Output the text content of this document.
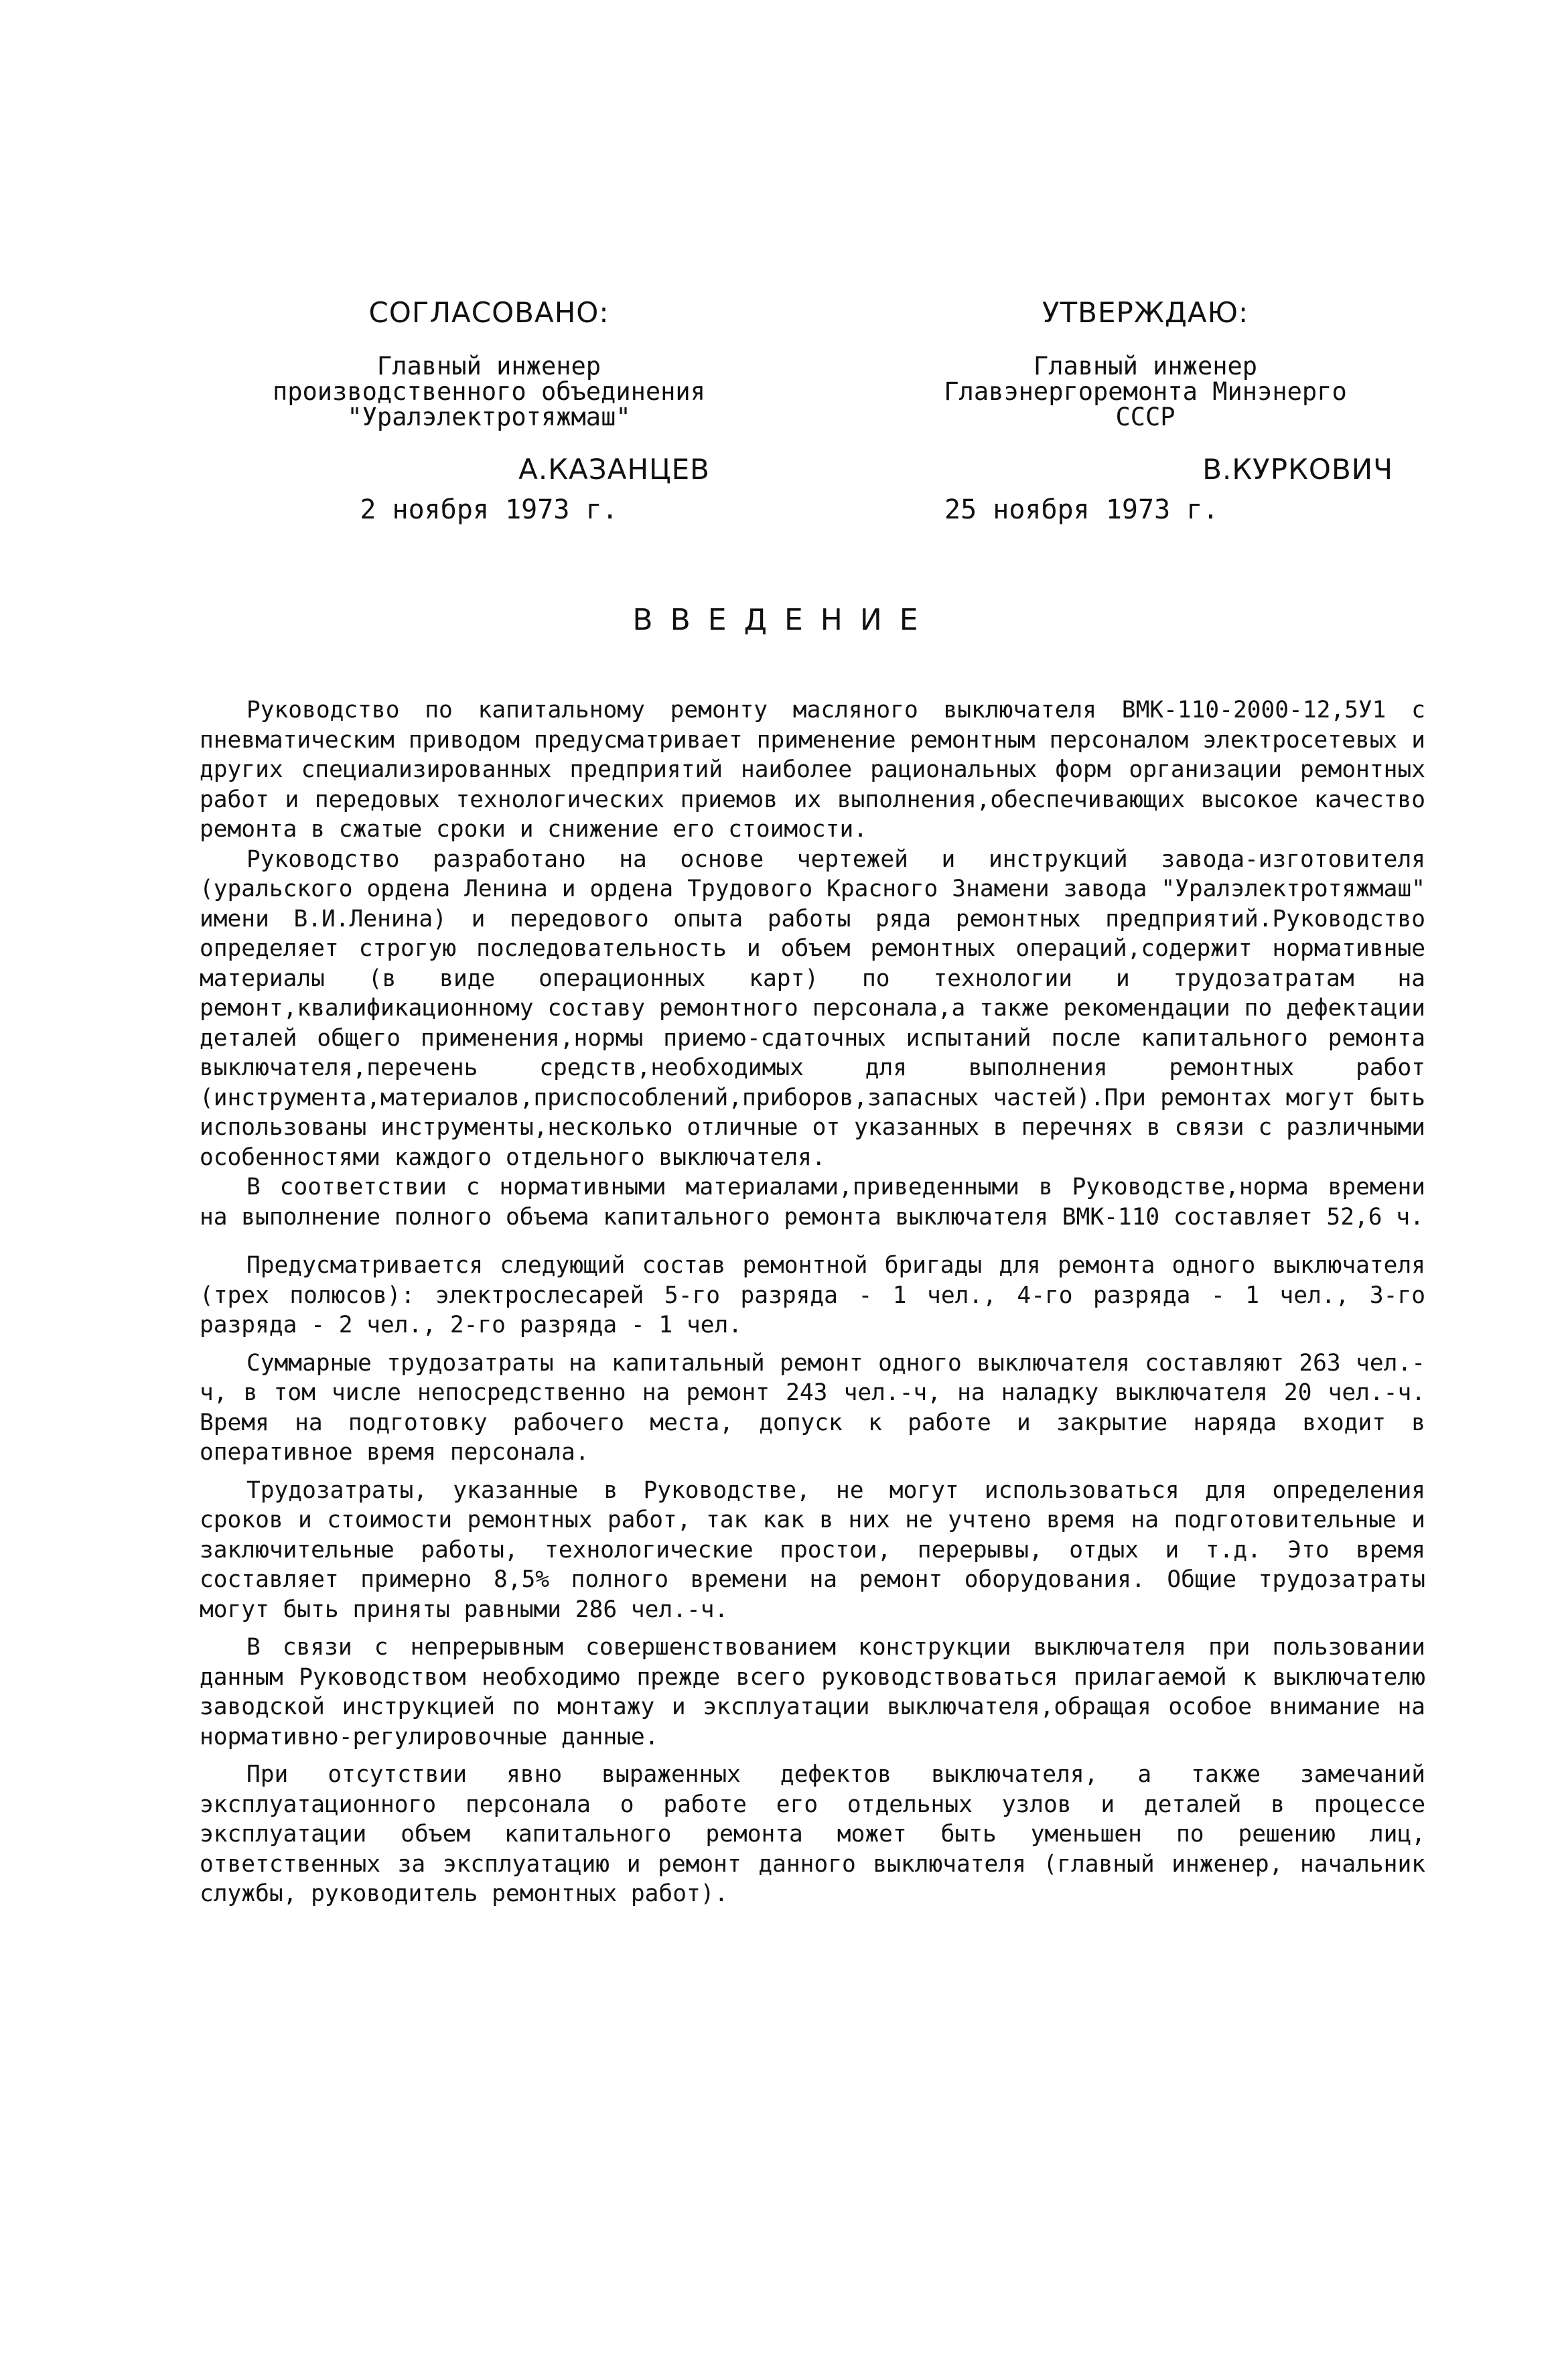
СОГЛАСОВАНО:

Главный инженер

производственного объединения

"Уралэлектротяжмаш"

А.КАЗАНЦЕВ

2 ноября 1973 г.

УТВЕРЖДАЮ:

Главный инженер

Главэнергоремонта Минэнерго

СССР

В.КУРКОВИЧ

25 ноября 1973 г.

ВВЕДЕНИЕ

Руководство по капитальному ремонту масляного выключателя ВМК-110-2000-12,5У1 с пневматическим приводом предусматривает применение ремонтным персоналом электросетевых и других специализированных предприятий наиболее рациональных форм организации ремонтных работ и передовых технологических приемов их выполнения,обеспечивающих высокое качество ремонта в сжатые сроки и снижение его стоимости.

Руководство разработано на основе чертежей и инструкций завода-изготовителя (уральского ордена Ленина и ордена Трудового Красного Знамени завода "Уралэлектротяжмаш" имени В.И.Ленина) и передового опыта работы ряда ремонтных предприятий.Руководство определяет строгую последовательность и объем ремонтных операций,содержит нормативные материалы (в виде операционных карт) по технологии и трудозатратам на ремонт,квалификационному составу ремонтного персонала,а также рекомендации по дефектации деталей общего применения,нормы приемо-сдаточных испытаний после капитального ремонта выключателя,перечень средств,необходимых для выполнения ремонтных работ (инструмента,материалов,приспособлений,приборов,запасных частей).При ремонтах могут быть использованы инструменты,несколько отличные от указанных в перечнях в связи с различными особенностями каждого отдельного выключателя.

В соответствии с нормативными материалами,приведенными в Руководстве,норма времени на выполнение полного объема капитального ремонта выключателя ВМК-110 составляет 52,6 ч.

Предусматривается следующий состав ремонтной бригады для ремонта одного выключателя (трех полюсов): электрослесарей 5-го разряда - 1 чел., 4-го разряда - 1 чел., 3-го разряда - 2 чел., 2-го разряда - 1 чел.

Суммарные трудозатраты на капитальный ремонт одного выключателя составляют 263 чел.-ч, в том числе непосредственно на ремонт 243 чел.-ч, на наладку выключателя 20 чел.-ч. Время на подготовку рабочего места, допуск к работе и закрытие наряда входит в оперативное время персонала.

Трудозатраты, указанные в Руководстве, не могут использоваться для определения сроков и стоимости ремонтных работ, так как в них не учтено время на подготовительные и заключительные работы, технологические простои, перерывы, отдых и т.д. Это время составляет примерно 8,5% полного времени на ремонт оборудования. Общие трудозатраты могут быть приняты равными 286 чел.-ч.

В связи с непрерывным совершенствованием конструкции выключателя при пользовании данным Руководством необходимо прежде всего руководствоваться прилагаемой к выключателю заводской инструкцией по монтажу и эксплуатации выключателя,обращая особое внимание на нормативно-регулировочные данные.

При отсутствии явно выраженных дефектов выключателя, а также замечаний эксплуатационного персонала о работе его отдельных узлов и деталей в процессе эксплуатации объем капитального ремонта может быть уменьшен по решению лиц, ответственных за эксплуатацию и ремонт данного выключателя (главный инженер, начальник службы, руководитель ремонтных работ).
